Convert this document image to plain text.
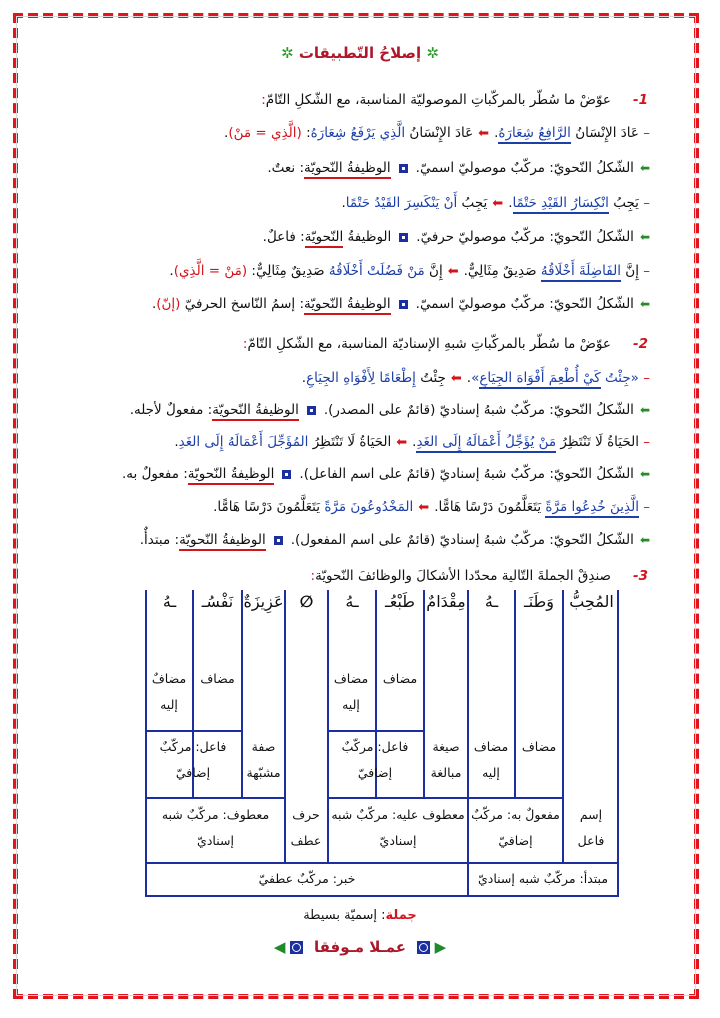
✲ إصلاحُ التّطبيقات ✲
1-عوّضْ ما سُطّر بالمركّباتِ الموصوليّة المناسبة، مع الشّكلِ التّامّ:
– عَادَ الإِنْسَانُ الرَّافِعُ شِعَارَهُ.⬅عَادَ الإِنْسَانُ الَّذِي يَرْفَعُ شِعَارَهُ: (الَّذِي = مَنْ).
⬅الشّكلُ النّحويّ: مركّبٌ موصوليّ اسميّ.الوظيفةُ النّحويّة: نعتٌ.
– يَجِبُ انْكِسَارُ القَيْدِ حَتْمًا.⬅يَجِبُ أَنْ يَنْكَسِرَ القَيْدُ حَتْمًا.
⬅الشّكلُ النّحويّ: مركّبٌ موصوليّ حرفيّ.الوظيفةُ النّحويّة: فاعلٌ.
– إِنَّ الفَاضِلَةَ أَخْلَاقُهُ صَدِيقٌ مِثَالِيٌّ.⬅إِنَّ مَنْ فَضُلَتْ أَخْلَاقُهُ صَدِيقٌ مِثَالِيٌّ: (مَنْ = الَّذِي).
⬅الشّكلُ النّحويّ: مركّبٌ موصوليّ اسميّ.الوظيفةُ النّحويّة: إسمُ النّاسخ الحرفيّ (إنّ).
2-عوّضْ ما سُطّر بالمركّباتِ شبهِ الإسناديّة المناسبة، مع الشّكلِ التّامّ:
– «جِئْتُ كَيْ أُطْعِمَ أَفْوَاهَ الجِيَاعِ».⬅جِئْتُ إِطْعَامًا لِأَفْوَاهِ الجِيَاعِ.
⬅الشّكلُ النّحويّ: مركّبٌ شبهُ إسناديّ (قائمٌ على المصدر).الوظيفةُ النّحويّة: مفعولٌ لأجله.
– الحَيَاةُ لَا تَنْتَظِرُ مَنْ يُؤَجِّلُ أَعْمَالَهُ إِلَى الغَدِ.⬅الحَيَاةُ لَا تَنْتَظِرُ المُؤَجِّلَ أَعْمَالَهُ إِلَى الغَدِ.
⬅الشّكلُ النّحويّ: مركّبٌ شبهُ إسناديّ (قائمٌ على اسم الفاعل).الوظيفةُ النّحويّة: مفعولٌ به.
– الَّذِينَ خُدِعُوا مَرَّةً يَتَعَلَّمُونَ دَرْسًا هَامًّا.⬅المَخْدُوعُونَ مَرَّةً يَتَعَلَّمُونَ دَرْسًا هَامًّا.
⬅الشّكلُ النّحويّ: مركّبٌ شبهُ إسناديّ (قائمٌ على اسم المفعول).الوظيفةُ النّحويّة: مبتدأٌ.
3-صندِقْ الجملةَ التّالية محدّدا الأشكالَ والوظائفَ النّحويّة:
المُحِبُّ
وَطَنَـ
ـهُ
مِقْدَامٌ
طَبْعُـ
ـهُ
∅
عَزِيزَةٌ
نَفْسُـ
ـهُ
مضاف
مضاف إليه
مضاف
مضافٌ إليه
مضاف
مضاف إليه
صيغة مبالغة
فاعل: مركّبٌ إضافيّ
صفة مشبّهة
فاعل: مركّبٌ إضافيّ
إسم فاعل
مفعولٌ به: مركّبٌ إضافيّ
معطوف عليه: مركّبٌ شبه إسناديّ
حرف عطف
معطوف: مركّبٌ شبه إسناديّ
مبتدأ: مركّبٌ شبه إسناديّ
خبر: مركّبٌ عطفيّ
جملة: إسميّة بسيطة
▶  عمـلا مـوفقا  ◀
